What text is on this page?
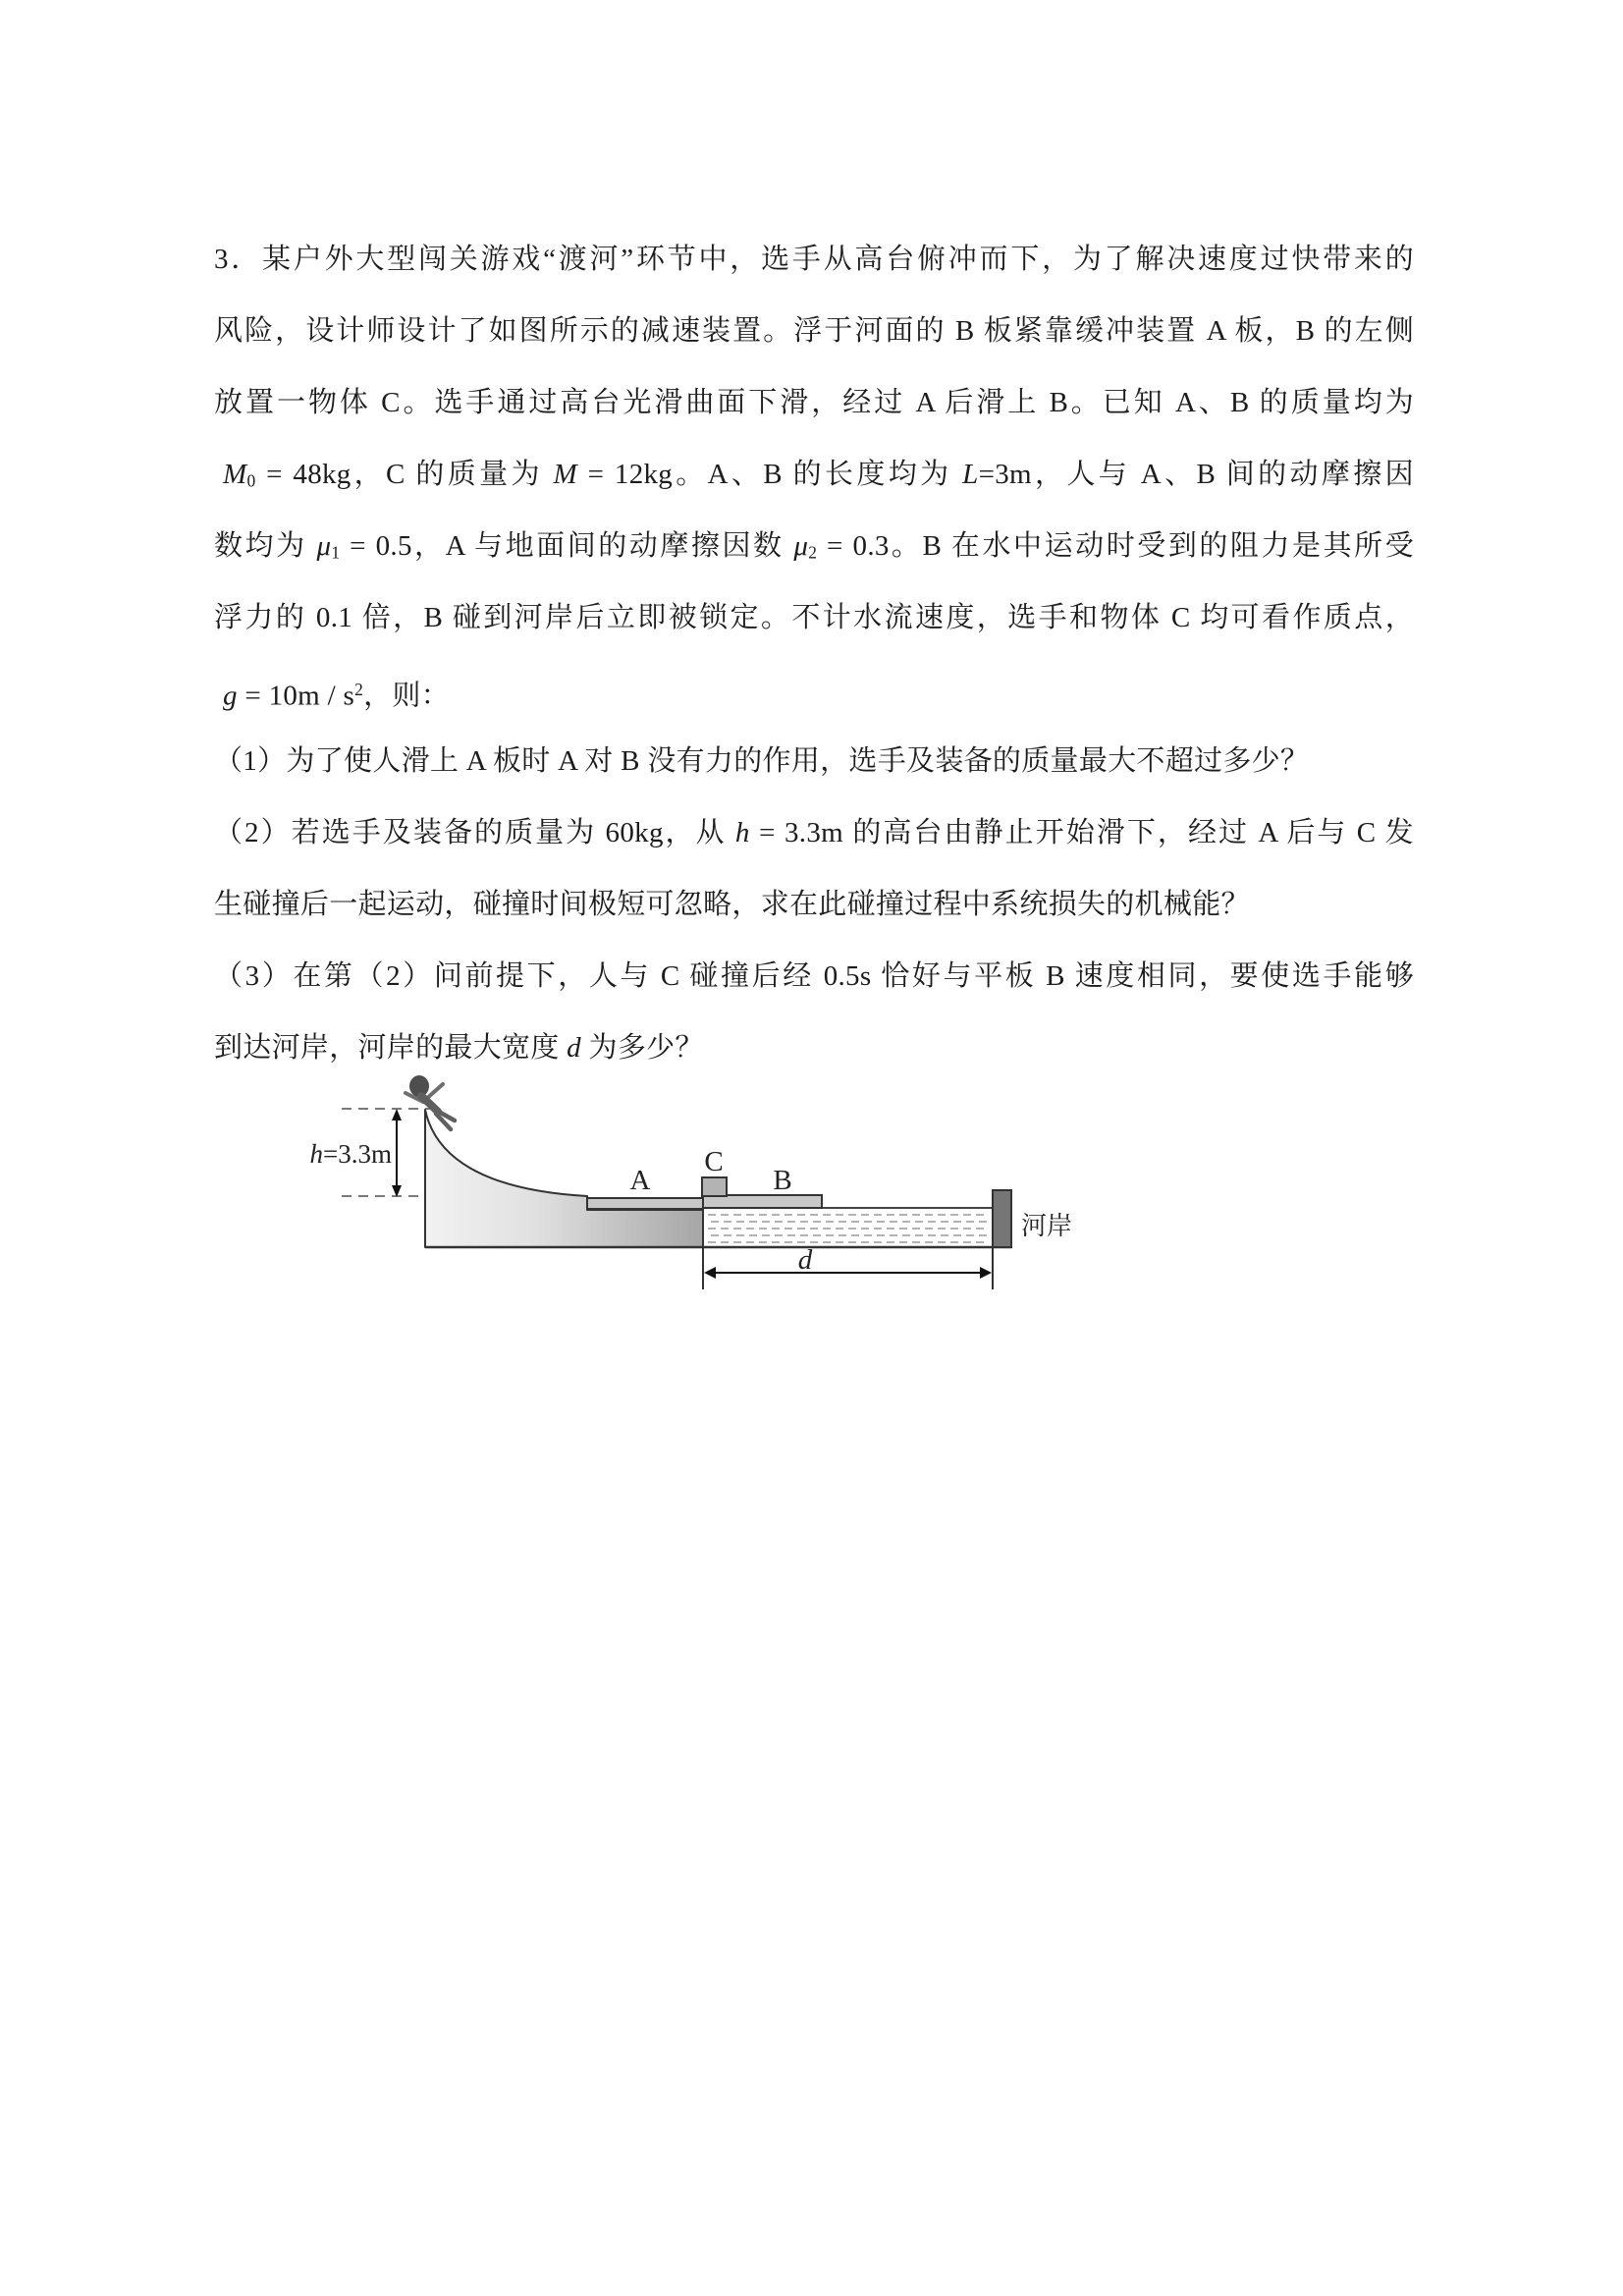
3．某户外大型闯关游戏“渡河”环节中，选手从高台俯冲而下，为了解决速度过快带来的
风险，设计师设计了如图所示的减速装置。浮于河面的 B 板紧靠缓冲装置 A 板，B 的左侧
放置一物体 C。选手通过高台光滑曲面下滑，经过 A 后滑上 B。已知 A、B 的质量均为
M0 = 48kg，C 的质量为 M = 12kg。A、B 的长度均为 L=3m，人与 A、B 间的动摩擦因
数均为 μ1 = 0.5，A 与地面间的动摩擦因数 μ2 = 0.3。B 在水中运动时受到的阻力是其所受
浮力的 0.1 倍，B 碰到河岸后立即被锁定。不计水流速度，选手和物体 C 均可看作质点，
$g = 10m / s^2$，则：
（1）为了使人滑上 A 板时 A 对 B 没有力的作用，选手及装备的质量最大不超过多少？
（2）若选手及装备的质量为 60kg，从 h = 3.3m 的高台由静止开始滑下，经过 A 后与 C 发
生碰撞后一起运动，碰撞时间极短可忽略，求在此碰撞过程中系统损失的机械能？
（3）在第（2）问前提下，人与 C 碰撞后经 0.5s 恰好与平板 B 速度相同，要使选手能够
到达河岸，河岸的最大宽度 d 为多少？
h=3.3m
A
C
B
河岸
d
